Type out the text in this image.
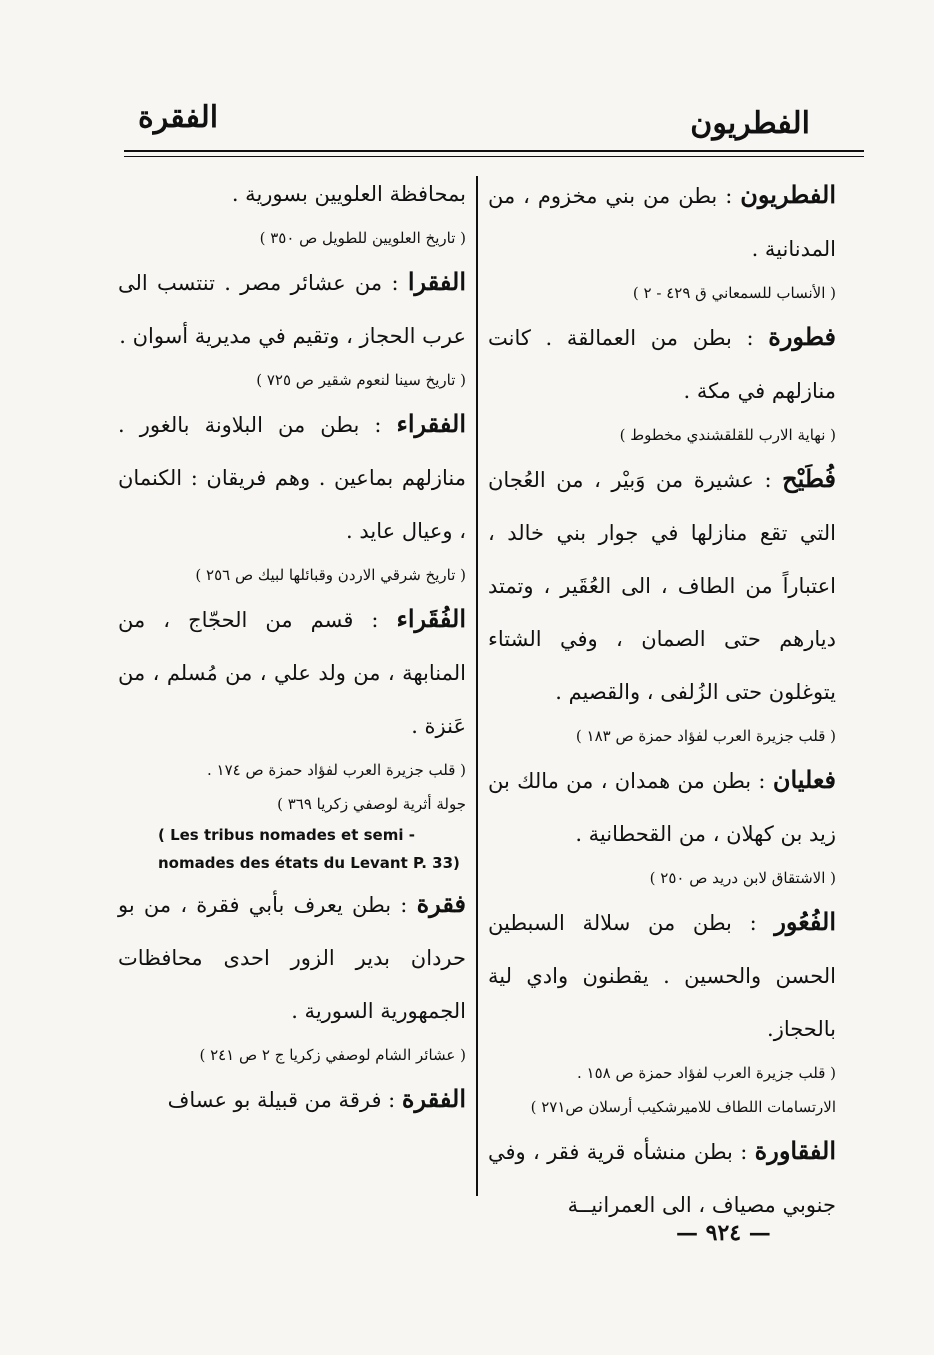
الفطريون
الفقرة

الفطريون : بطن من بني مخزوم ، من المدنانية .

( الأنساب للسمعاني ق ٤٢٩ - ٢ )

فطورة : بطن من العمالقة . كانت منازلهم في مكة .

( نهاية الارب للقلقشندي مخطوط )

فُطَيْح : عشيرة من وَبيْر ، من العُجان التي تقع منازلها في جوار بني خالد ، اعتباراً من الطاف ، الى العُقَير ، وتمتد ديارهم حتى الصمان ، وفي الشتاء يتوغلون حتى الزُلفى ، والقصيم .

( قلب جزيرة العرب لفؤاد حمزة ص ١٨٣ )

فعليان : بطن من همدان ، من مالك بن زيد بن كهلان ، من القحطانية .

( الاشتقاق لابن دريد ص ٢٥٠ )

الفُعُور : بطن من سلالة السبطين الحسن والحسين . يقطنون وادي لية بالحجاز.

( قلب جزيرة العرب لفؤاد حمزة ص ١٥٨ .

الارتسامات اللطاف للاميرشكيب أرسلان ص٢٧١ )

الفقاورة : بطن منشأه قرية فقر ، وفي جنوبي مصياف ، الى العمرانيــة

بمحافظة العلويين بسورية .

( تاريخ العلويين للطويل ص ٣٥٠ )

الفقرا : من عشائر مصر . تنتسب الى عرب الحجاز ، وتقيم في مديرية أسوان .

( تاريخ سينا لنعوم شقير ص ٧٢٥ )

الفقراء : بطن من البلاونة بالغور . منازلهم بماعين . وهم فريقان : الكنمان ، وعيال عايد .

( تاريخ شرقي الاردن وقبائلها لبيك ص ٢٥٦ )

الفُقَراء : قسم من الحجّاج ، من المنابهة ، من ولد علي ، من مُسلم ، من عَنزة .

( قلب جزيرة العرب لفؤاد حمزة ص ١٧٤ .

جولة أثرية لوصفي زكريا ٣٦٩ )

( Les tribus nomades et semi - nomades des états du Levant P. 33)

فقرة : بطن يعرف بأبي فقرة ، من بو حردان بدير الزور احدى محافظات الجمهورية السورية .

( عشائر الشام لوصفي زكريا ج ٢ ص ٢٤١ )

الفقرة : فرقة من قبيلة بو عساف

— ٩٢٤ —
